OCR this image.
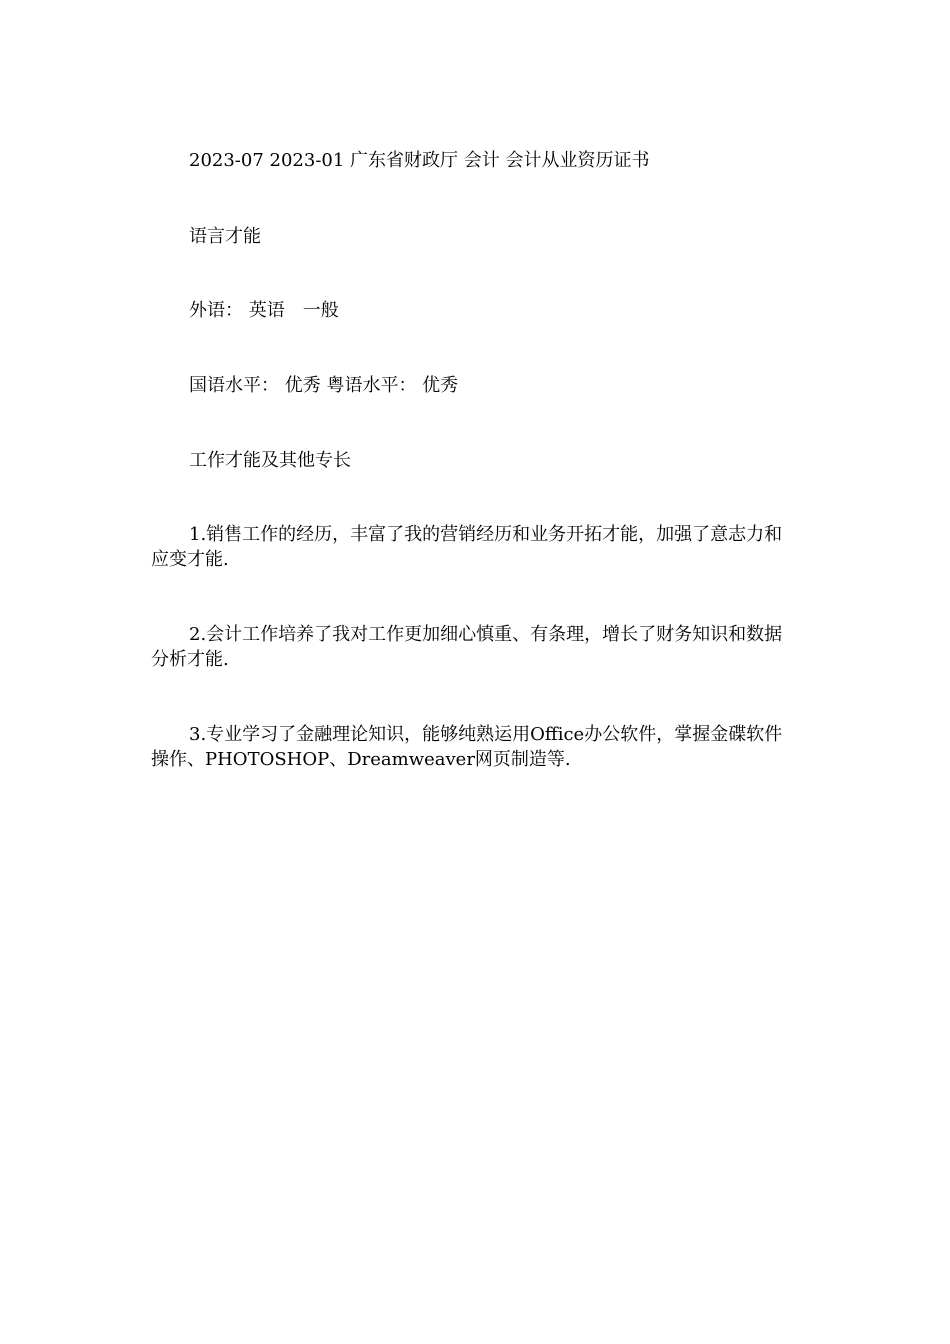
2023-07 2023-01 广东省财政厅 会计 会计从业资历证书

语言才能

外语： 英语　一般

国语水平： 优秀 粤语水平： 优秀

工作才能及其他专长

1.销售工作的经历，丰富了我的营销经历和业务开拓才能，加强了意志力和应变才能.

2.会计工作培养了我对工作更加细心慎重、有条理，增长了财务知识和数据分析才能.

3.专业学习了金融理论知识，能够纯熟运用Office办公软件，掌握金碟软件操作、PHOTOSHOP、Dreamweaver网页制造等.
